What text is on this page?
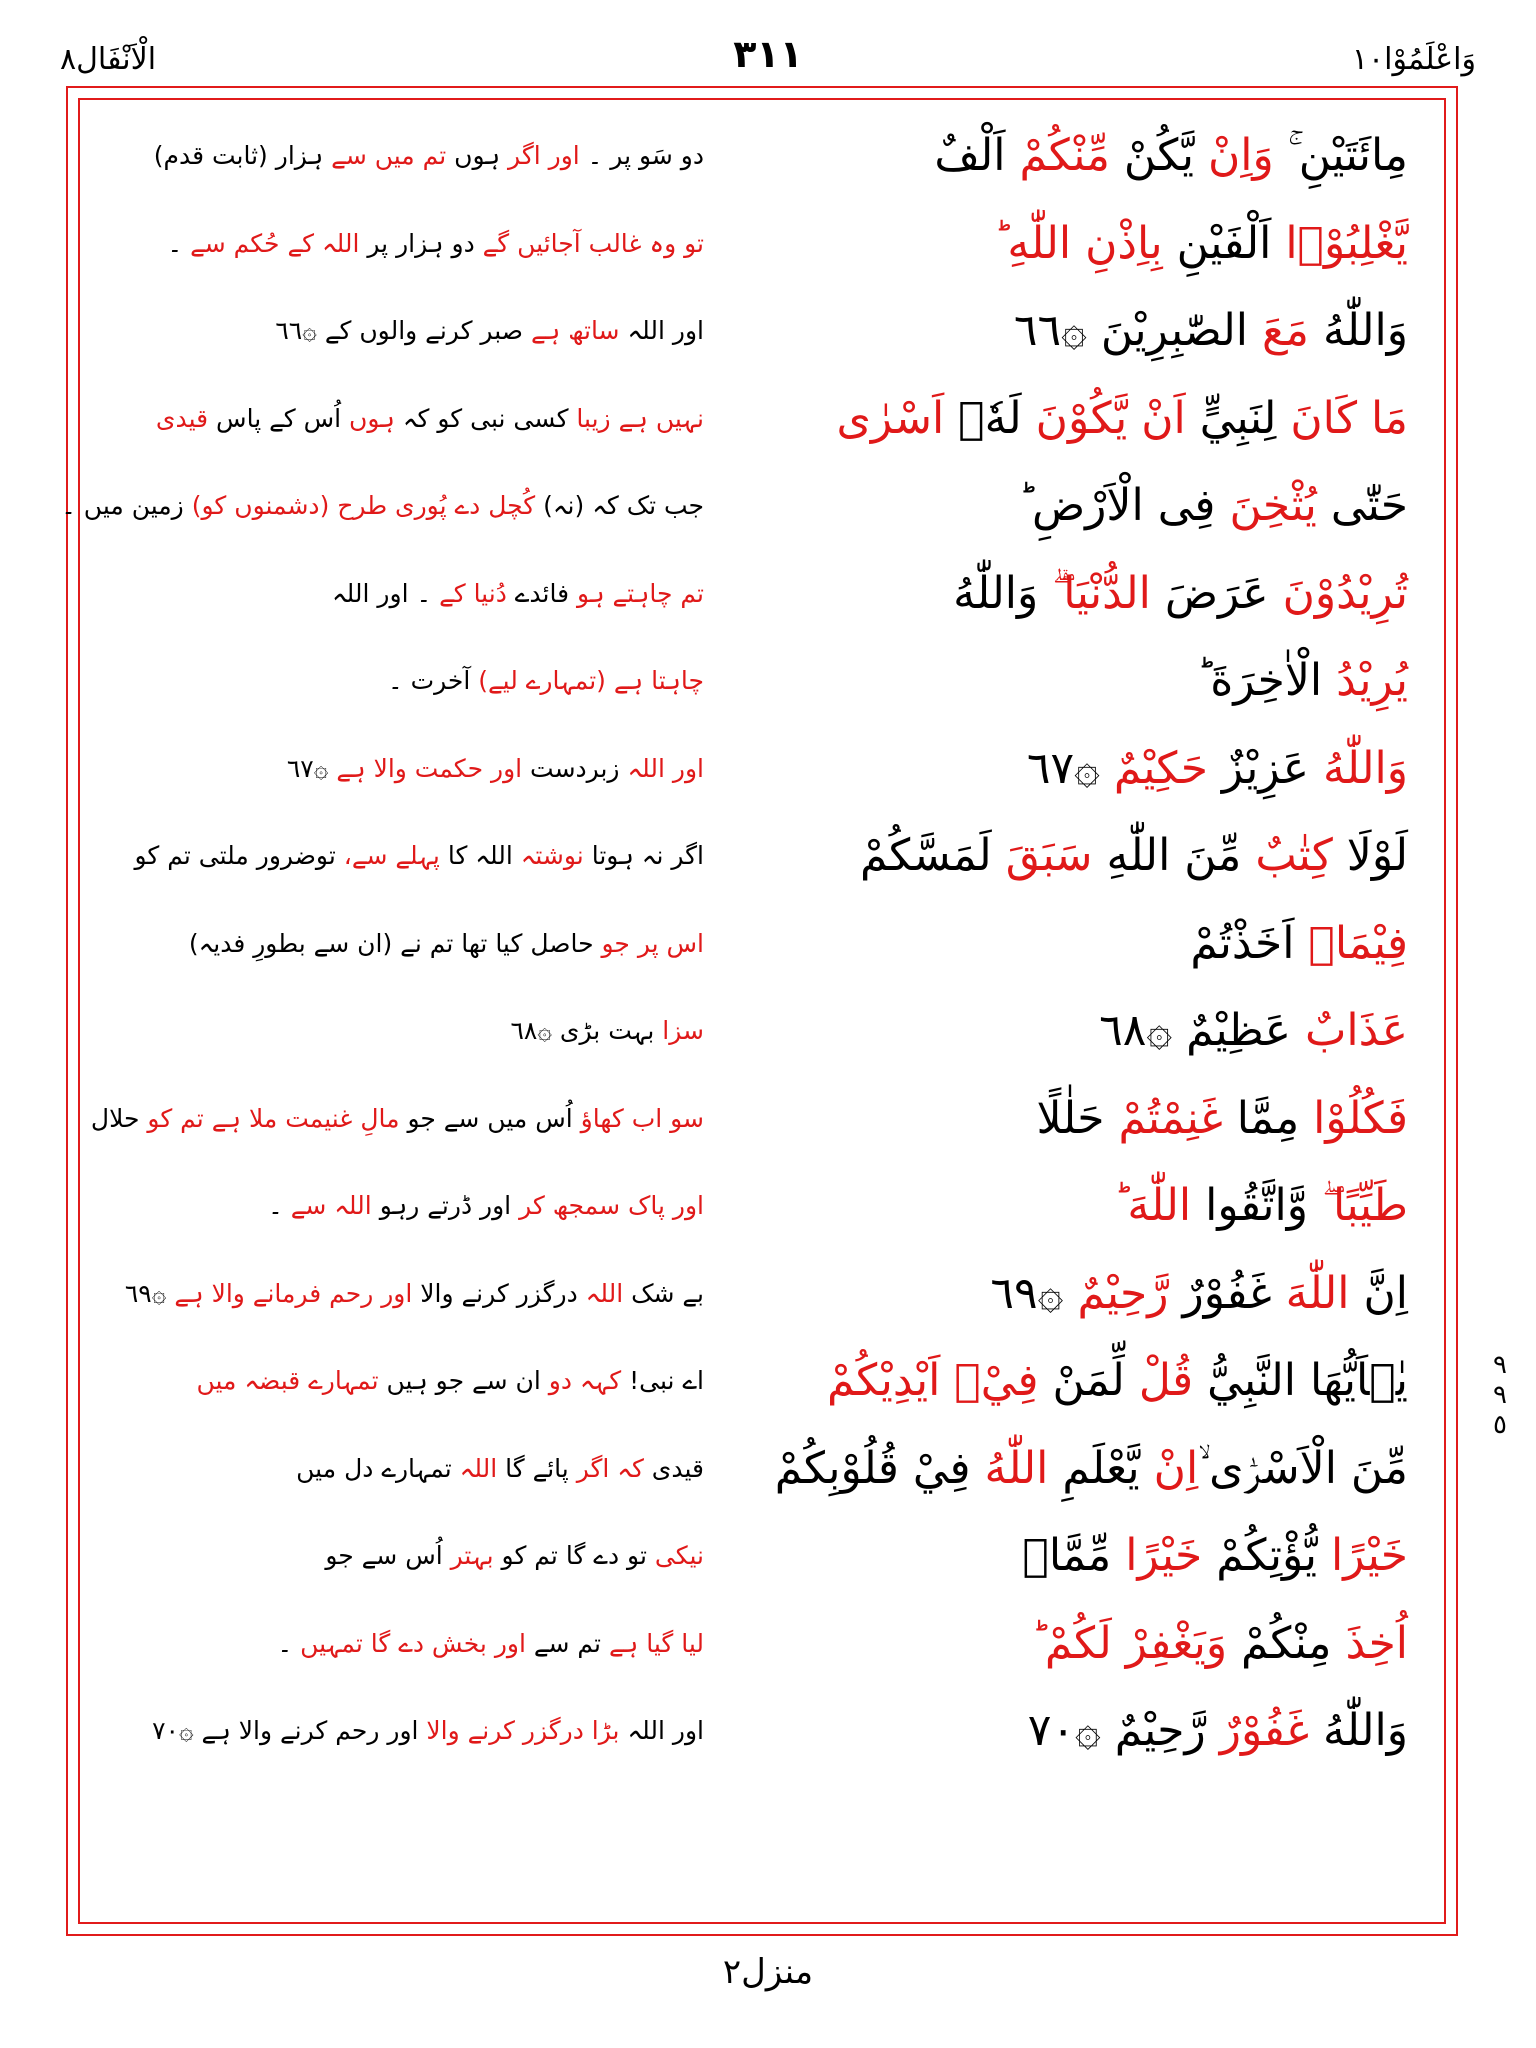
الْاَنْفَال٨	٣١١	وَاعْلَمُوْا١٠
٩
٩
٥
مِائَتَيْنِ ۚ وَاِنْ يَّكُنْ مِّنْكُمْ اَلْفٌ
دو سَو پر ۔ اور اگر ہوں تم میں سے ہزار (ثابت قدم)
يَّغْلِبُوْۤا اَلْفَيْنِ بِاِذْنِ اللّٰهِ
تو وہ غالب آجائیں گے دو ہزار پر اللہ کے حُکم سے ۔
وَاللّٰهُ مَعَ الصّٰبِرِيْنَ ۞٦٦
اور اللہ ساتھ ہے صبر کرنے والوں کے ۞٦٦
مَا كَانَ لِنَبِيٍّ اَنْ يَّكُوْنَ لَهٗۤ اَسْرٰى
نہیں ہے زیبا کسی نبی کو کہ ہوں اُس کے پاس قیدی
حَتّٰى يُثْخِنَ فِى الْاَرْضِ ؕ
جب تک کہ (نہ) کُچل دے پُوری طرح (دشمنوں کو) زمین میں ۔
تُرِيْدُوْنَ عَرَضَ الدُّنْيَا ۖۗ وَاللّٰهُ
تم چاہتے ہو فائدے دُنیا کے ۔ اور اللہ
يُرِيْدُ الْاٰخِرَةَ ؕ
چاہتا ہے (تمہارے لیے) آخرت ۔
وَاللّٰهُ عَزِيْزٌ حَكِيْمٌ ۞٦٧
اور اللہ زبردست اور حکمت والا ہے ۞٦٧
لَوْلَا كِتٰبٌ مِّنَ اللّٰهِ سَبَقَ لَمَسَّكُمْ
اگر نہ ہوتا نوشتہ اللہ کا پہلے سے، توضرور ملتی تم کو
فِيْمَاۤ اَخَذْتُمْ
اس پر جو حاصل کیا تھا تم نے (ان سے بطورِ فدیہ)
عَذَابٌ عَظِيْمٌ ۞٦٨
سزا بہت بڑی ۞٦٨
فَكُلُوْا مِمَّا غَنِمْتُمْ حَلٰلًا
سو اب کھاؤ اُس میں سے جو مالِ غنیمت ملا ہے تم کو حلال
طَيِّبًا ۖ وَّاتَّقُوا اللّٰهَ
اور پاک سمجھ کر اور ڈرتے رہو اللہ سے ۔
اِنَّ اللّٰهَ غَفُوْرٌ رَّحِيْمٌ ۞٦٩
بے شک اللہ درگزر کرنے والا اور رحم فرمانے والا ہے ۞٦٩
يٰۤاَيُّهَا النَّبِيُّ قُلْ لِّمَنْ فِيْۤ اَيْدِيْكُمْ
اے نبی! کہہ دو ان سے جو ہیں تمہارے قبضہ میں
مِّنَ الْاَسْرٰۤى ۙاِنْ يَّعْلَمِ اللّٰهُ فِيْ قُلُوْبِكُمْ
قیدی کہ اگر پائے گا اللہ تمہارے دل میں
خَيْرًا يُّؤْتِكُمْ خَيْرًا مِّمَّاۤ
نیکی تو دے گا تم کو بہتر اُس سے جو
اُخِذَ مِنْكُمْ وَيَغْفِرْ لَكُمْ
لیا گیا ہے تم سے اور بخش دے گا تمہیں ۔
وَاللّٰهُ غَفُوْرٌ رَّحِيْمٌ ۞٧٠
اور اللہ بڑا درگزر کرنے والا اور رحم کرنے والا ہے ۞٧٠
منزل٢
